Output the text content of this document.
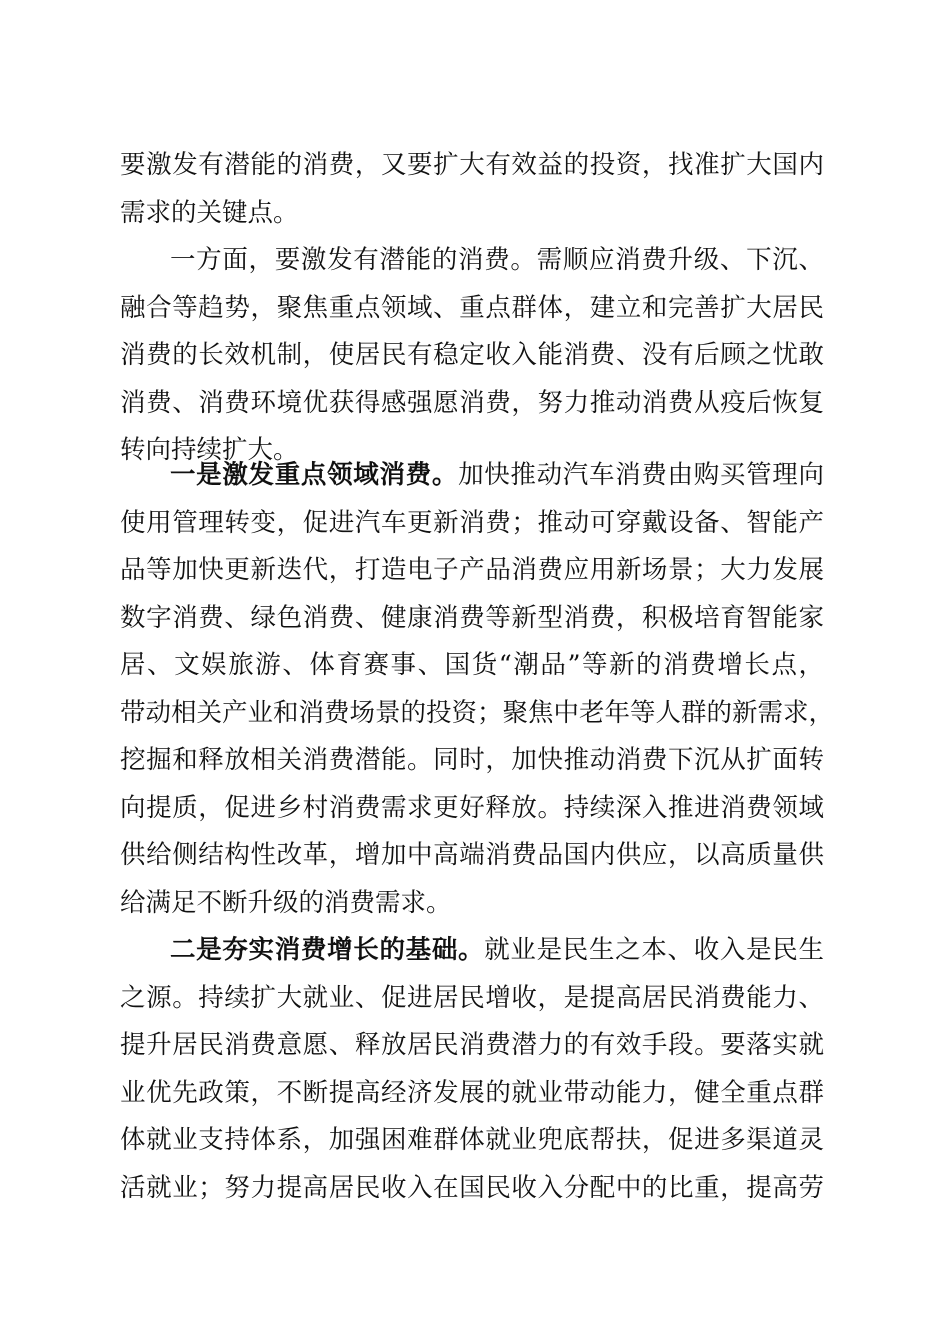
要激发有潜能的消费，又要扩大有效益的投资，找准扩大国内
需求的关键点。
一方面，要激发有潜能的消费。需顺应消费升级、下沉、
融合等趋势，聚焦重点领域、重点群体，建立和完善扩大居民
消费的长效机制，使居民有稳定收入能消费、没有后顾之忧敢
消费、消费环境优获得感强愿消费，努力推动消费从疫后恢复
转向持续扩大。
一是激发重点领域消费。加快推动汽车消费由购买管理向
使用管理转变，促进汽车更新消费；推动可穿戴设备、智能产
品等加快更新迭代，打造电子产品消费应用新场景；大力发展
数字消费、绿色消费、健康消费等新型消费，积极培育智能家
居、文娱旅游、体育赛事、国货“潮品”等新的消费增长点，
带动相关产业和消费场景的投资；聚焦中老年等人群的新需求，
挖掘和释放相关消费潜能。同时，加快推动消费下沉从扩面转
向提质，促进乡村消费需求更好释放。持续深入推进消费领域
供给侧结构性改革，增加中高端消费品国内供应，以高质量供
给满足不断升级的消费需求。
二是夯实消费增长的基础。就业是民生之本、收入是民生
之源。持续扩大就业、促进居民增收，是提高居民消费能力、
提升居民消费意愿、释放居民消费潜力的有效手段。要落实就
业优先政策，不断提高经济发展的就业带动能力，健全重点群
体就业支持体系，加强困难群体就业兜底帮扶，促进多渠道灵
活就业；努力提高居民收入在国民收入分配中的比重，提高劳
